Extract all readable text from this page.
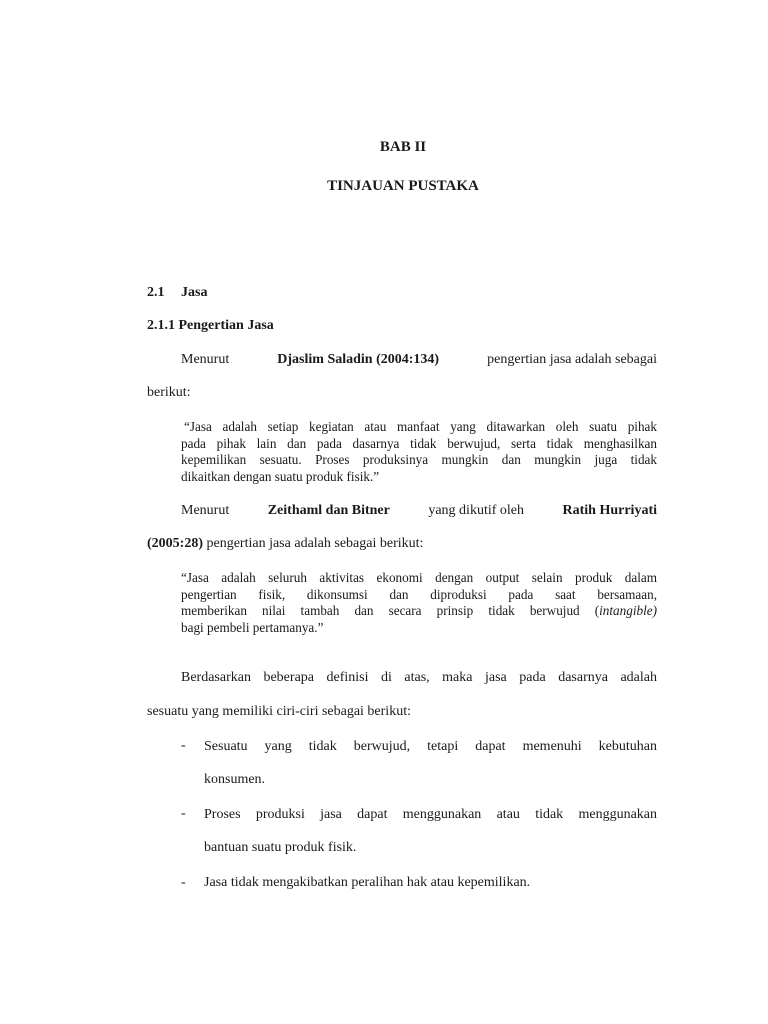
BAB II
TINJAUAN PUSTAKA
2.1 Jasa
2.1.1 Pengertian Jasa
Menurut	Djaslim Saladin (2004:134)	pengertian jasa adalah sebagai
berikut:
“Jasa adalah setiap kegiatan atau manfaat yang ditawarkan oleh suatu pihak
pada pihak lain dan pada dasarnya tidak berwujud, serta tidak menghasilkan
kepemilikan sesuatu. Proses produksinya mungkin dan mungkin juga tidak
dikaitkan dengan suatu produk fisik.”
Menurut	Zeithaml dan Bitner	yang dikutif oleh	Ratih Hurriyati
(2005:28) pengertian jasa adalah sebagai berikut:
“Jasa adalah seluruh aktivitas ekonomi dengan output selain produk dalam
pengertian fisik, dikonsumsi dan diproduksi pada saat bersamaan,
memberikan nilai tambah dan secara prinsip tidak berwujud (intangible)
bagi pembeli pertamanya.”
Berdasarkan beberapa definisi di atas, maka jasa pada dasarnya adalah
sesuatu yang memiliki ciri-ciri sebagai berikut:
- Sesuatu yang tidak berwujud, tetapi dapat memenuhi kebutuhan
konsumen.
- Proses produksi jasa dapat menggunakan atau tidak menggunakan
bantuan suatu produk fisik.
- Jasa tidak mengakibatkan peralihan hak atau kepemilikan.
